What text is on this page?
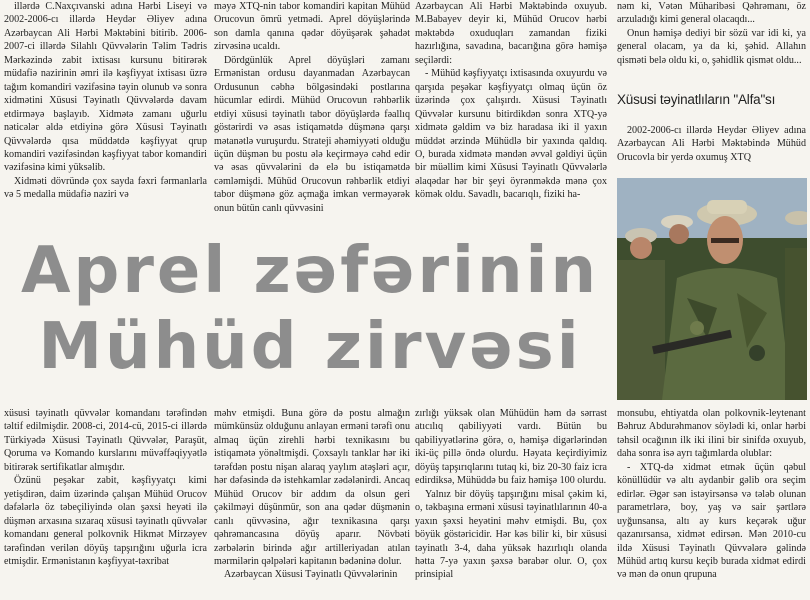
illərdə C.Naxçıvanski adına Hərbi Liseyi və 2002-2006-cı illərdə Heydər Əliyev adına Azərbaycan Ali Hərbi Məktəbini bitirib. 2006-2007-ci illərdə Silahlı Qüvvələrin Təlim Tədris Mərkəzində zabit ixtisası kursunu bitirərək müdafiə nazirinin əmri ilə kəşfiyyat ixtisası üzrə tağım komandiri vəzifəsinə təyin olunub və sonra xidmətini Xüsusi Təyinatlı Qüvvələrdə davam etdirməyə başlayıb. Xidmətə zamanı uğurlu nəticələr əldə etdiyinə görə Xüsusi Təyinatlı Qüvvələrdə qısa müddətdə kəşfiyyat qrup komandiri vəzifəsindən kəşfiyyat tabor komandiri vəzifəsinə kimi yüksəlib.

Xidməti dövründə çox sayda fəxri fərmanlarla və 5 medalla müdafiə naziri və

məyə XTQ-nin tabor komandiri kapitan Mühüd Orucovun ömrü yetmədi. Aprel döyüşlərində son damla qanına qədər döyüşərək şəhadət zirvəsinə ucaldı.

Dördgünlük Aprel döyüşləri zamanı Ermənistan ordusu dayanmadan Azərbaycan Ordusunun cəbhə bölgəsindəki postlarına hücumlar edirdi. Mühüd Orucovun rəhbərlik etdiyi xüsusi təyinatlı tabor döyüşlərdə fəallıq göstərirdi və əsas istiqamətdə düşmənə qarşı mətanətlə vuruşurdu. Strateji əhəmiyyəti olduğu üçün düşmən bu postu ələ keçirməyə cəhd edir və əsas qüvvələrini də elə bu istiqamətdə cəmləmişdi. Mühüd Orucovun rəhbərlik etdiyi tabor düşmənə göz açmağa imkan verməyərək onun bütün canlı qüvvəsini

Azərbaycan Ali Hərbi Məktəbində oxuyub. M.Babayev deyir ki, Mühüd Orucov hərbi məktəbdə oxuduqları zamandan fiziki hazırlığına, savadına, bacarığına görə həmişə seçilərdi:

- Mühüd kəşfiyyatçı ixtisasında oxuyurdu və qarşıda peşəkar kəşfiyyatçı olmaq üçün öz üzərində çox çalışırdı. Xüsusi Təyinatlı Qüvvələr kursunu bitirdikdən sonra XTQ-yə xidmətə gəldim və biz haradasa iki il yaxın müddət ərzində Mühüdlə bir yaxında qaldıq. O, burada xidmətə məndən əvvəl gəldiyi üçün bir müəllim kimi Xüsusi Təyinatlı Qüvvələrlə əlaqədar hər bir şeyi öyrənməkdə mənə çox kömək oldu. Savadlı, bacarıqlı, fiziki ha-

nəm ki, Vətən Müharibəsi Qəhrəmanı, öz arzuladığı kimi general olacaqdı...

Onun həmişə dediyi bir sözü var idi ki, ya general olacam, ya da ki, şəhid. Allahın qisməti belə oldu ki, o, şəhidlik qismət oldu...

Xüsusi təyinatlıların "Alfa"sı

2002-2006-cı illərdə Heydər Əliyev adına Azərbaycan Ali Hərbi Məktəbində Mühüd Orucovla bir yerdə oxumuş XTQ

Aprel zəfərinin
Mühüd zirvəsi

xüsusi təyinatlı qüvvələr komandanı tərəfindən təltif edilmişdir. 2008-ci, 2014-cü, 2015-ci illərdə Türkiyədə Xüsusi Təyinatlı Qüvvələr, Paraşüt, Qoruma və Komando kurslarını müvəffəqiyyətlə bitirərək sertifikatlar almışdır.

Özünü peşəkar zabit, kəşfiyyatçı kimi yetişdirən, daim üzərində çalışan Mühüd Orucov dəfələrlə öz təbeçiliyində olan şəxsi heyəti ilə düşmən arxasına sızaraq xüsusi təyinatlı qüvvələr komandanı general polkovnik Hikmət Mirzəyev tərəfindən verilən döyüş tapşırığını uğurla icra etmişdir. Ermənistanın kəşfiyyat-təxribat

məhv etmişdi. Buna görə də postu almağın mümkünsüz olduğunu anlayan erməni tərəfi onu almaq üçün zirehli hərbi texnikasını bu istiqamətə yönəltmişdi. Çoxsaylı tanklar hər iki tərəfdən postu nişan alaraq yaylım atəşləri açır, hər dəfəsində də istehkamlar zədələnirdi. Ancaq Mühüd Orucov bir addım da olsun geri çəkilməyi düşünmür, son ana qədər düşmənin canlı qüvvəsinə, ağır texnikasına qarşı qəhrəmancasına döyüş aparır. Növbəti zərbələrin birində ağır artilleriyadan atılan mərmilərin qəlpələri kapitanın bədəninə dolur.

Azərbaycan Xüsusi Təyinatlı Qüvvələrinin

zırlığı yüksək olan Mühüdün həm də sərrast atıcılıq qabiliyyəti vardı. Bütün bu qabiliyyətlərinə görə, o, həmişə digərlərindən iki-üç pillə öndə olurdu. Həyata keçirdiyimiz döyüş tapşırıqlarını tutaq ki, biz 20-30 faiz icra edirdiksə, Mühüddə bu faiz həmişə 100 olurdu.

Yalnız bir döyüş tapşırığını misal çəkim ki, o, təkbaşına erməni xüsusi təyinatlılarının 40-a yaxın şəxsi heyətini məhv etmişdi. Bu, çox böyük göstəricidir. Hər kəs bilir ki, bir xüsusi təyinatlı 3-4, daha yüksək hazırlıqlı olanda hətta 7-yə yaxın şəxsə bərabər olur. O, çox prinsipial

monsubu, ehtiyatda olan polkovnik-leytenant Bəhruz Abdurəhmanov söylədi ki, onlar hərbi təhsil ocağının ilk iki ilini bir sinifdə oxuyub, daha sonra isə ayrı tağımlarda olublar:

- XTQ-də xidmət etmək üçün qəbul könüllüdür və altı aydanbir gəlib ora seçim edirlər. Əgər sən istəyirsənsə və tələb olunan parametrlərə, boy, yaş və sair şərtlərə uyğunsansa, altı ay kurs keçərək uğur qazanırsansa, xidmət edirsən. Mən 2010-cu ildə Xüsusi Təyinatlı Qüvvələrə gəlində Mühüd artıq kursu keçib burada xidmət edirdi və mən də onun qrupuna
